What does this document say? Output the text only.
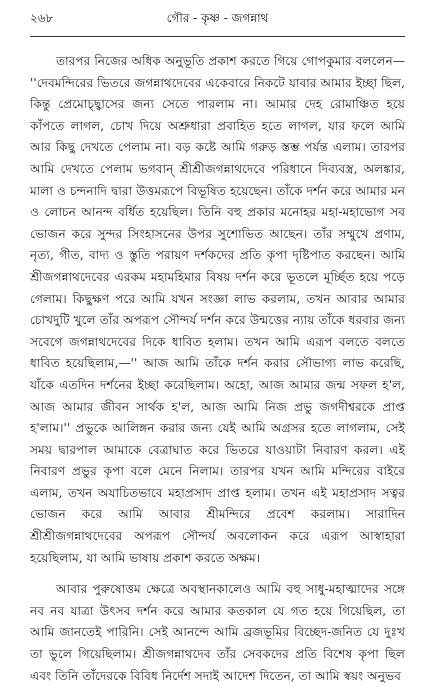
২৬৮	গৌর - কৃষ্ণ - জগন্নাথ

তারপর নিজের অধিক অনুভূতি প্রকাশ করতে গিয়ে গোপকুমার বললেন— ''দেবমন্দিরের ভিতরে জগন্নাথদেবের একেবারে নিকটে যাবার আমার ইচ্ছা ছিল, কিন্তু প্রেমোচ্ছ্বাসের জন্য সেতে পারলাম না। আমার দেহ রোমাঞ্চিত হয়ে কাঁপতে লাগল, চোখ দিয়ে অশ্রুধারা প্রবাহিত হতে লাগল, যার ফলে আমি আর কিছু দেখতে পেলাম না। বড় কষ্টে আমি গরুড় স্তম্ভ পর্যন্ত এলাম। তারপর আমি দেখতে পেলাম ভগবান্ শ্রীশ্রীজগন্নাথদেবে পরিধানে দিব্যবস্ত্র, অলঙ্কার, মালা ও চন্দনাদি দ্বারা উত্তমরূপে বিভূষিত হয়েছেন। তাঁকে দর্শন করে আমার মন ও লোচন আনন্দ বর্ধিত হয়েছিল। তিনি বহু প্রকার মনোহর মহা-মহাভোগ সব ভোজন করে সুন্দর সিংহাসনের উপর সুশোভিত আছেন। তাঁর সম্মুখে প্রণাম, নৃত্য, গীত, বাদ্য ও স্তুতি পরায়ণ দর্শকদের প্রতি কৃপা দৃষ্টিপাত করছেন। আমি শ্রীজগন্নাথদেবের এরকম মহামহিমার বিষয় দর্শন করে ভূতলে মূর্চ্ছিত হয়ে পড়ে গেলাম। কিছুক্ষণ পরে আমি যখন সংজ্ঞা লাভ করলাম, তখন আবার আমার চোখদুটি খুলে তাঁর অপরূপ সৌন্দর্য দর্শন করে উন্মত্তের ন্যায় তাঁকে ধরবার জন্য সবেগে জগন্নাথদেবের দিকে ধাবিত হলাম। তখন আমি এরূপ বলতে বলতে ধাবিত হয়েছিলাম,—'' আজ আমি তাঁকে দর্শন করার সৌভাগ্য লাভ করেছি, যাঁকে এতদিন দর্শনের ইচ্ছা করেছিলাম। অহো, আজ আমার জন্ম সফল হ'ল, আজ আমার জীবন সার্থক হ'ল, আজ আমি নিজ প্রভু জগদীশ্বরকে প্রাপ্ত হ'লাম।'' প্রভুকে আলিঙ্গন করার জন্য যেই আমি অগ্রসর হতে লাগলাম, সেই সময় দ্বারপাল আমাকে বেত্রাঘাত করে ভিতরে যাওয়াটা নিবারণ করল। এই নিবারণ প্রভুর কৃপা বলে মেনে নিলাম। তারপর যখন আমি মন্দিরের বাইরে এলাম, তখন অযাচিতভাবে মহাপ্রসাদ প্রাপ্ত হলাম। তখন এই মহাপ্রসাদ সত্বর ভোজন করে আমি আবার শ্রীমন্দিরে প্রবেশ করলাম। সারাদিন শ্রীশ্রীজগন্নাথদেবের অপরূপ সৌন্দর্য অবলোকন করে এরূপ আস্বাহারা হয়েছিলাম, যা আমি ভাষায় প্রকাশ করতে অক্ষম।

আবার পুরুষোত্তম ক্ষেত্রে অবস্থানকালেও আমি বহু সাধু-মহাত্মাদের সঙ্গে নব নব যাত্রা উৎসব দর্শন করে আমার কতকাল যে গত হয়ে গিয়েছিল, তা আমি জানতেই পারিনি। সেই আনন্দে আমি ব্রজভূমির বিচ্ছেদ-জনিত যে দুঃখ তা ভুলে গিয়েছিলাম। শ্রীজগন্নাথদেব তাঁর সেবকদের প্রতি বিশেষ কৃপা ছিল এবং তিনি তাঁদেরকে বিবিধ নির্দেশ সদাই আদেশ দিতেন, তা আমি স্বয়ং অনুভব
